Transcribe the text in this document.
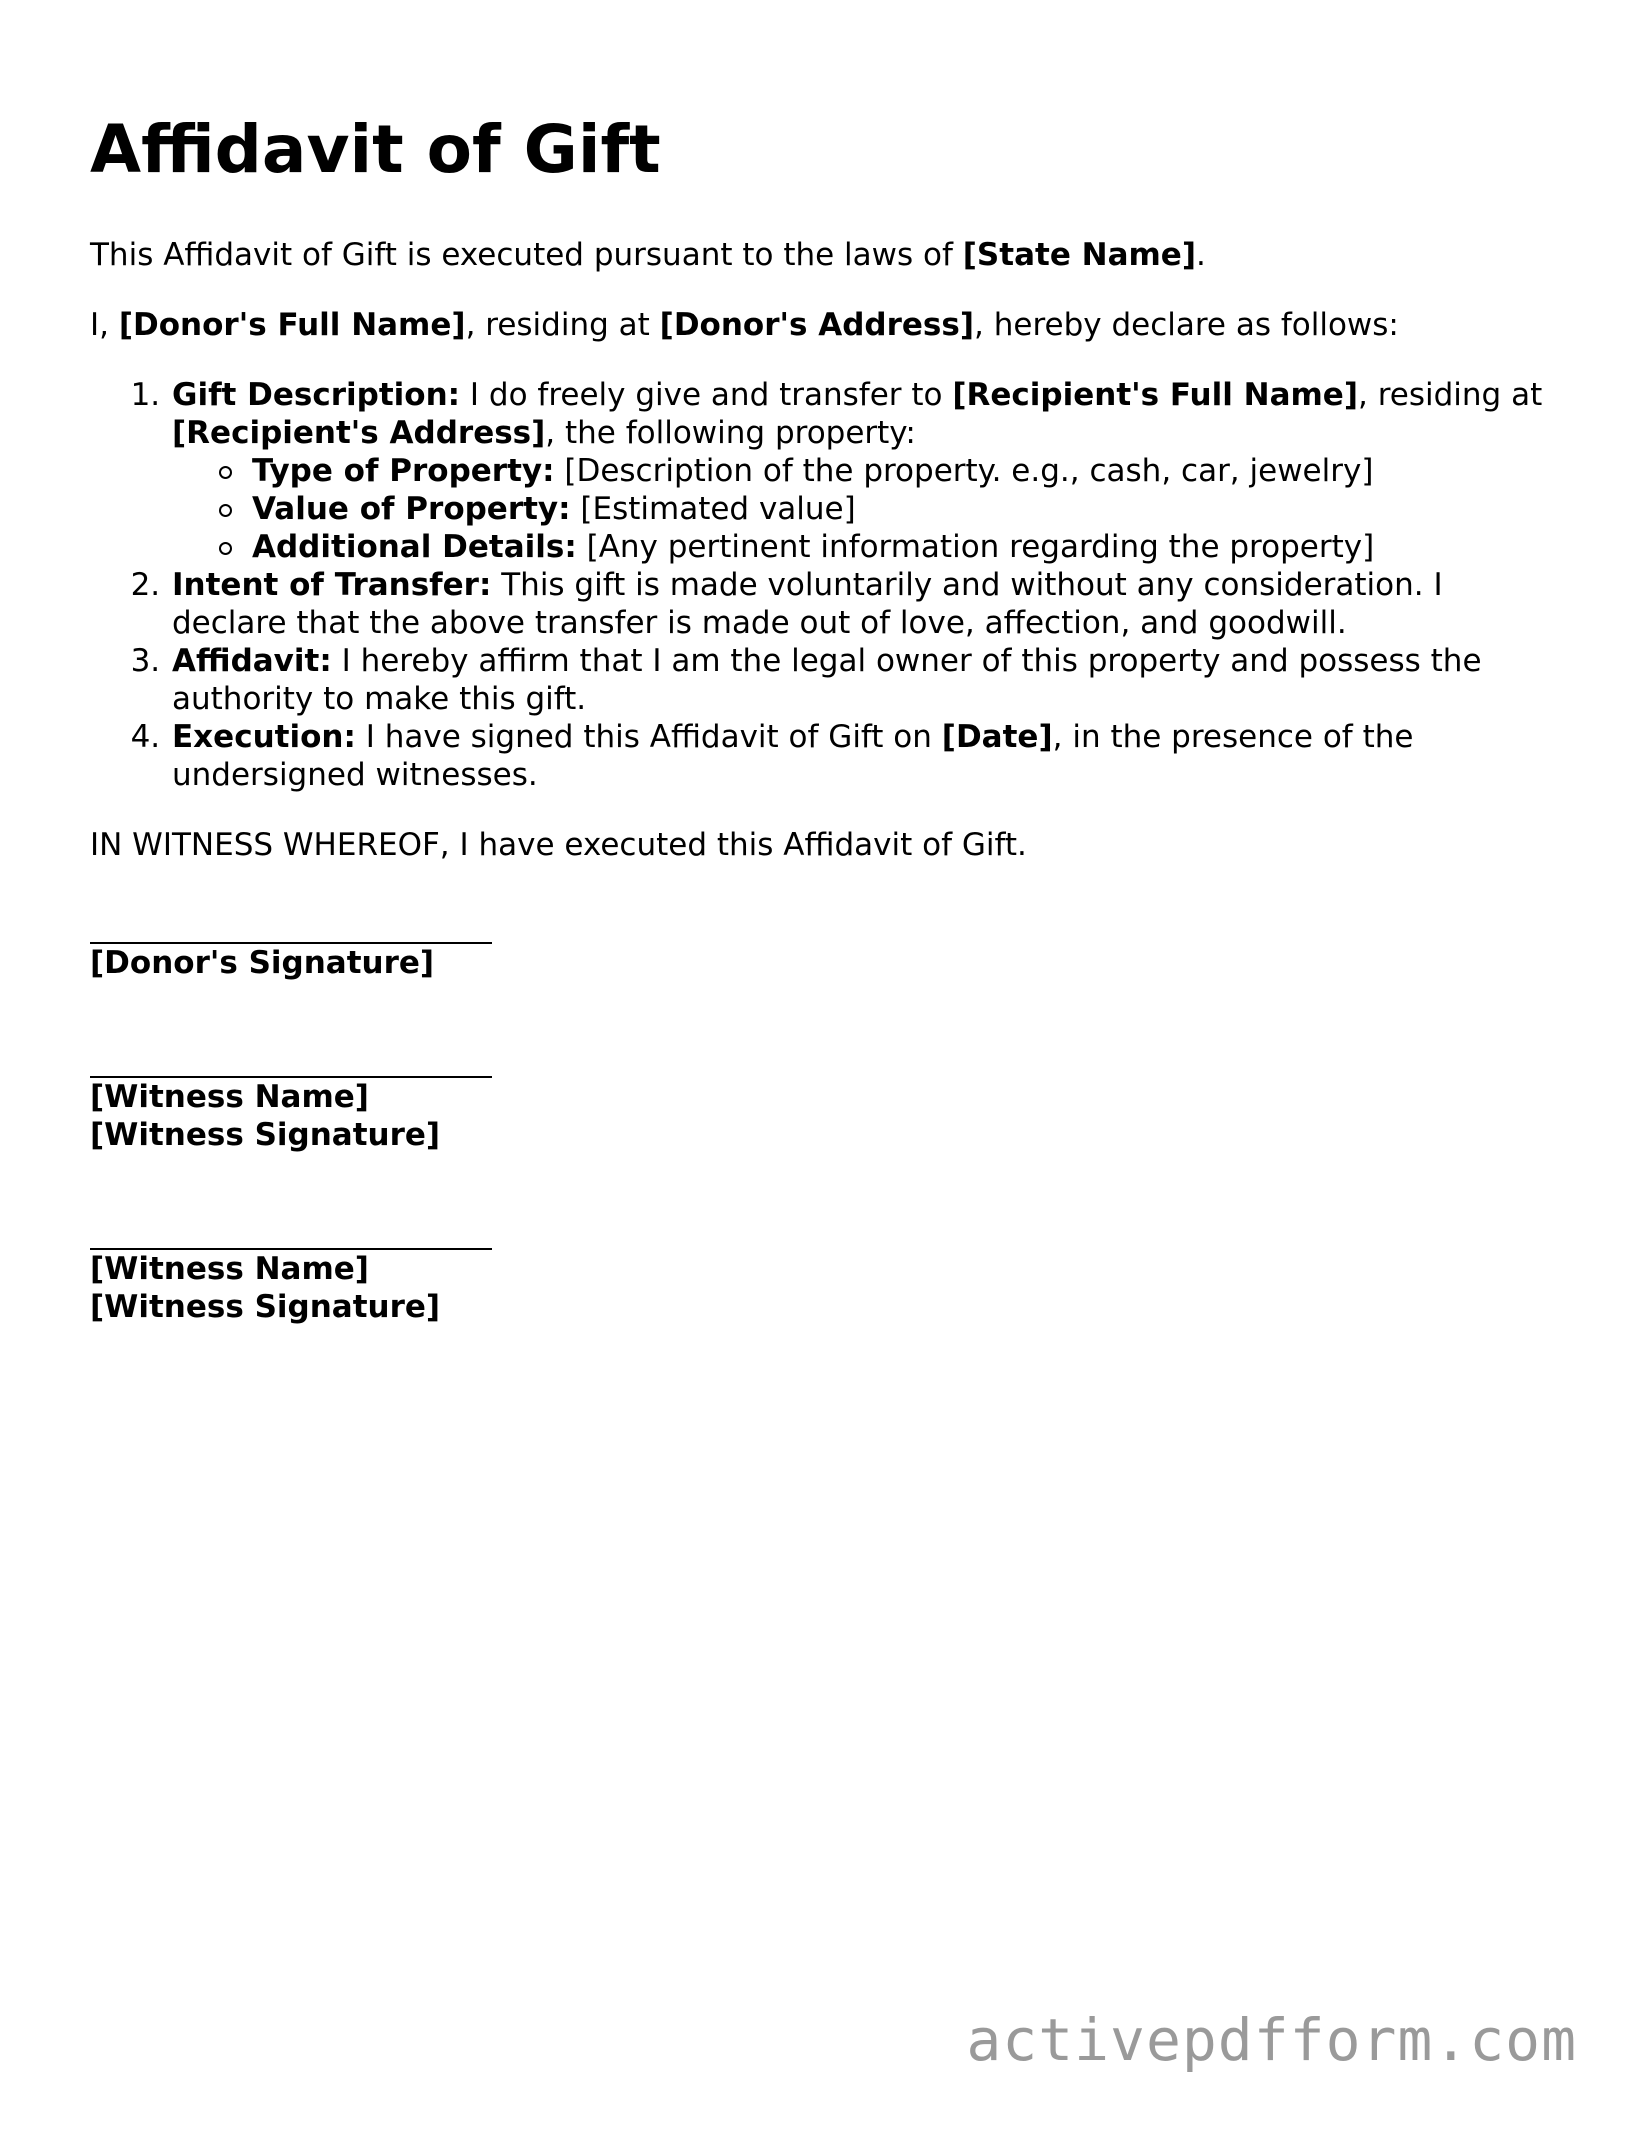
Affidavit of Gift

This Affidavit of Gift is executed pursuant to the laws of [State Name].

I, [Donor's Full Name], residing at [Donor's Address], hereby declare as follows:

1. Gift Description: I do freely give and transfer to [Recipient's Full Name], residing at [Recipient's Address], the following property:
Type of Property: [Description of the property. e.g., cash, car, jewelry]
Value of Property: [Estimated value]
Additional Details: [Any pertinent information regarding the property]
2. Intent of Transfer: This gift is made voluntarily and without any consideration. I declare that the above transfer is made out of love, affection, and goodwill.
3. Affidavit: I hereby affirm that I am the legal owner of this property and possess the authority to make this gift.
4. Execution: I have signed this Affidavit of Gift on [Date], in the presence of the undersigned witnesses.

IN WITNESS WHEREOF, I have executed this Affidavit of Gift.

[Donor's Signature]
[Witness Name]
[Witness Signature]
[Witness Name]
[Witness Signature]
activepdfform.com
